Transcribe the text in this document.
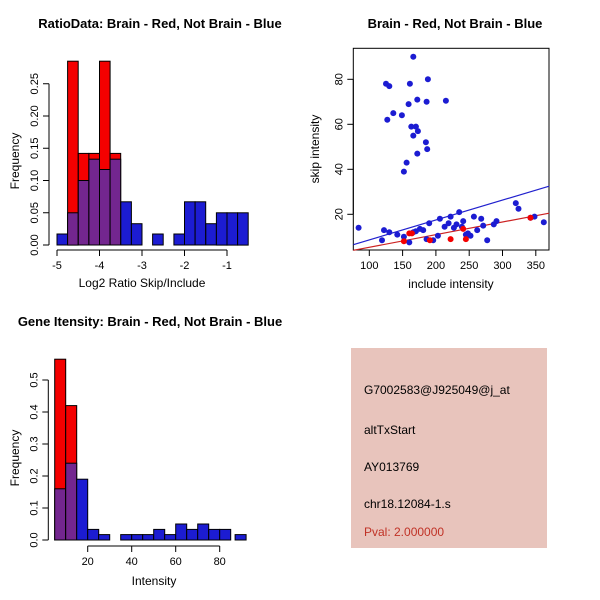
RatioData: Brain - Red, Not Brain - Blue
Frequency
-5	-4	-3	-2	-1
0.00
0.05
0.10
0.15
0.20
0.25
Log2 Ratio Skip/Include
Brain - Red, Not Brain - Blue
skip intensity
100 150 200 250 300 350
20
40
60
80
include intensity
Gene Itensity: Brain - Red, Not Brain - Blue
Frequency
20	40	60	80
0.0
0.1
0.2
0.3
0.4
0.5
Intensity
G7002583@J925049@j_at
altTxStart
AY013769
chr18.12084-1.s
Pval: 2.000000
